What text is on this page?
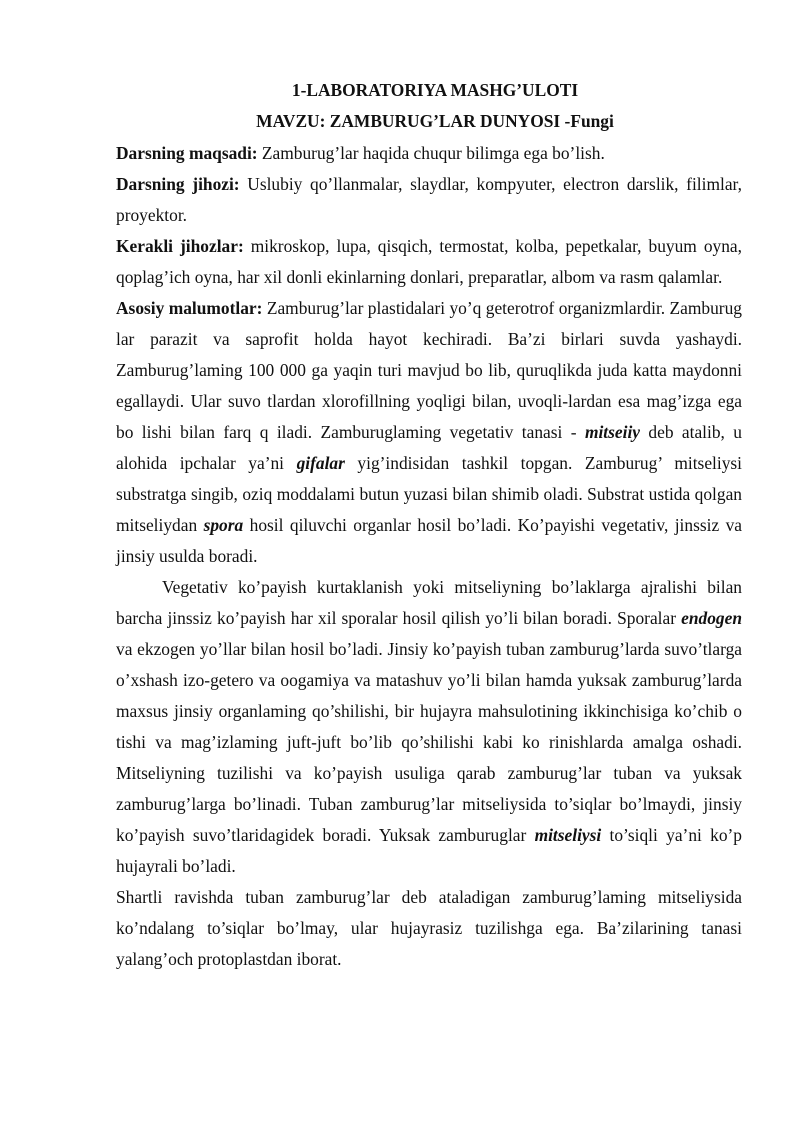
1-LABORATORIYA MASHG’ULOTI
MAVZU: ZAMBURUG’LAR DUNYOSI -Fungi

Darsning maqsadi: Zamburug’lar haqida chuqur bilimga ega bo’lish.

Darsning jihozi: Uslubiy qo’llanmalar, slaydlar, kompyuter, electron darslik, filimlar, proyektor.

Kerakli jihozlar: mikroskop, lupa, qisqich, termostat, kolba, pepetkalar, buyum oyna, qoplag’ich oyna, har xil donli ekinlarning donlari, preparatlar, albom va rasm qalamlar.

Asosiy malumotlar: Zamburug’lar plastidalari yo’q geterotrof organizmlardir. Zamburug lar parazit va saprofit holda hayot kechiradi. Ba’zi birlari suvda yashaydi. Zamburug’laming 100 000 ga yaqin turi mavjud bo lib, quruqlikda juda katta maydonni egallaydi. Ular suvo tlardan xlorofillning yoqligi bilan, uvoqli-lardan esa mag’izga ega bo lishi bilan farq q iladi. Zamburuglaming vegetativ tanasi - mitseiiy deb atalib, u alohida ipchalar ya’ni gifalar yig’indisidan tashkil topgan. Zamburug’ mitseliysi substratga singib, oziq moddalami butun yuzasi bilan shimib oladi. Substrat ustida qolgan mitseliydan spora hosil qiluvchi organlar hosil bo’ladi. Ko’payishi vegetativ, jinssiz va jinsiy usulda boradi.

Vegetativ ko’payish kurtaklanish yoki mitseliyning bo’laklarga ajralishi bilan barcha jinssiz ko’payish har xil sporalar hosil qilish yo’li bilan boradi. Sporalar endogen va ekzogen yo’llar bilan hosil bo’ladi. Jinsiy ko’payish tuban zamburug’larda suvo’tlarga o’xshash izo-getero va oogamiya va matashuv yo’li bilan hamda yuksak zamburug’larda maxsus jinsiy organlaming qo’shilishi, bir hujayra mahsulotining ikkinchisiga ko’chib o tishi va mag’izlaming juft-juft bo’lib qo’shilishi kabi ko rinishlarda amalga oshadi. Mitseliyning tuzilishi va ko’payish usuliga qarab zamburug’lar tuban va yuksak zamburug’larga bo’linadi. Tuban zamburug’lar mitseliysida to’siqlar bo’lmaydi, jinsiy ko’payish suvo’tlaridagidek boradi. Yuksak zamburuglar mitseliysi to’siqli ya’ni ko’p hujayrali bo’ladi.

Shartli ravishda tuban zamburug’lar deb ataladigan zamburug’laming mitseliysida ko’ndalang to’siqlar bo’lmay, ular hujayrasiz tuzilishga ega. Ba’zilarining tanasi yalang’och protoplastdan iborat.
